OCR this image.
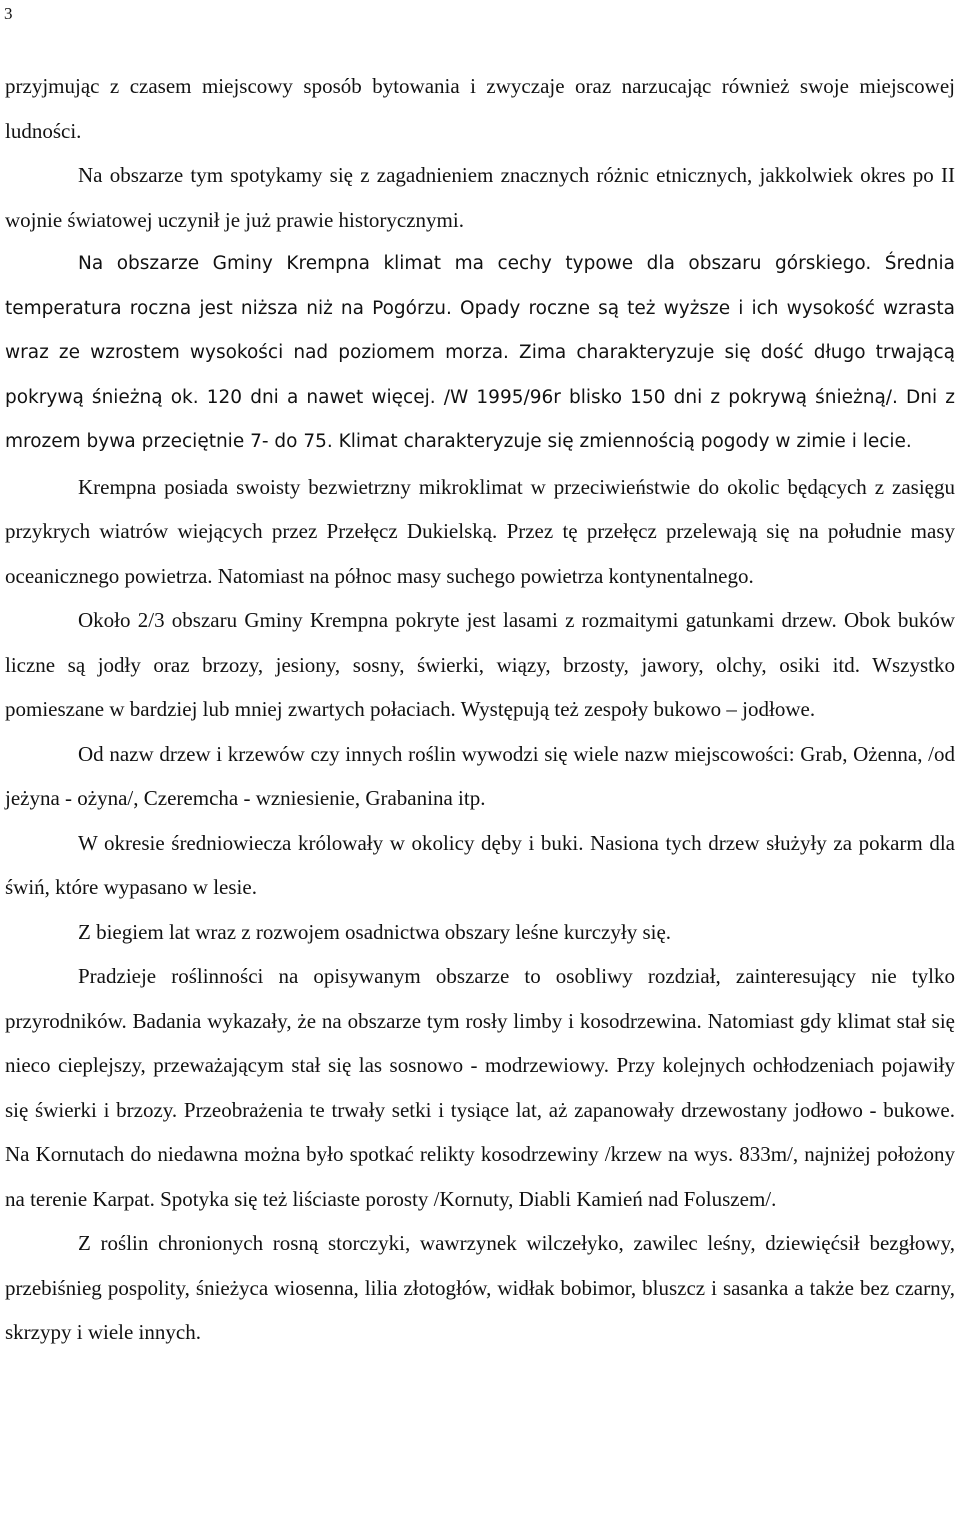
3

przyjmując z czasem miejscowy sposób bytowania i zwyczaje oraz narzucając również swoje miejscowej ludności.

Na obszarze tym spotykamy się z zagadnieniem znacznych różnic etnicznych, jakkolwiek okres po II wojnie światowej uczynił je już prawie historycznymi.

Na obszarze Gminy Krempna klimat ma cechy typowe dla obszaru górskiego. Średnia temperatura roczna jest niższa niż na Pogórzu. Opady roczne są też wyższe i ich wysokość wzrasta wraz ze wzrostem wysokości nad poziomem morza. Zima charakteryzuje się dość długo trwającą pokrywą śnieżną ok. 120 dni a nawet więcej. /W 1995/96r blisko 150 dni z pokrywą śnieżną/. Dni z mrozem bywa przeciętnie 7- do 75. Klimat charakteryzuje się zmiennością pogody w zimie i lecie.

Krempna posiada swoisty bezwietrzny mikroklimat w przeciwieństwie do okolic będących z zasięgu przykrych wiatrów wiejących przez Przełęcz Dukielską. Przez tę przełęcz przelewają się na południe masy oceanicznego powietrza. Natomiast na północ masy suchego powietrza kontynentalnego.

Około 2/3 obszaru Gminy Krempna pokryte jest lasami z rozmaitymi gatunkami drzew. Obok buków liczne są jodły oraz brzozy, jesiony, sosny, świerki, wiązy, brzosty, jawory, olchy, osiki itd. Wszystko pomieszane w bardziej lub mniej zwartych połaciach. Występują też zespoły bukowo – jodłowe.

Od nazw drzew i krzewów czy innych roślin wywodzi się wiele nazw miejscowości: Grab, Ożenna, /od jeżyna - ożyna/, Czeremcha - wzniesienie, Grabanina itp.

W okresie średniowiecza królowały w okolicy dęby i buki. Nasiona tych drzew służyły za pokarm dla świń, które wypasano w lesie.

Z biegiem lat wraz z rozwojem osadnictwa obszary leśne kurczyły się.

Pradzieje roślinności na opisywanym obszarze to osobliwy rozdział, zainteresujący nie tylko przyrodników. Badania wykazały, że na obszarze tym rosły limby i kosodrzewina. Natomiast gdy klimat stał się nieco cieplejszy, przeważającym stał się las sosnowo - modrzewiowy. Przy kolejnych ochłodzeniach pojawiły się świerki i brzozy. Przeobrażenia te trwały setki i tysiące lat, aż zapanowały drzewostany jodłowo - bukowe. Na Kornutach do niedawna można było spotkać relikty kosodrzewiny /krzew na wys. 833m/, najniżej położony na terenie Karpat. Spotyka się też liściaste porosty /Kornuty, Diabli Kamień nad Foluszem/.

Z roślin chronionych rosną storczyki, wawrzynek wilczełyko, zawilec leśny, dziewięćsił bezgłowy, przebiśnieg pospolity, śnieżyca wiosenna, lilia złotogłów, widłak bobimor, bluszcz i sasanka a także bez czarny, skrzypy i wiele innych.
